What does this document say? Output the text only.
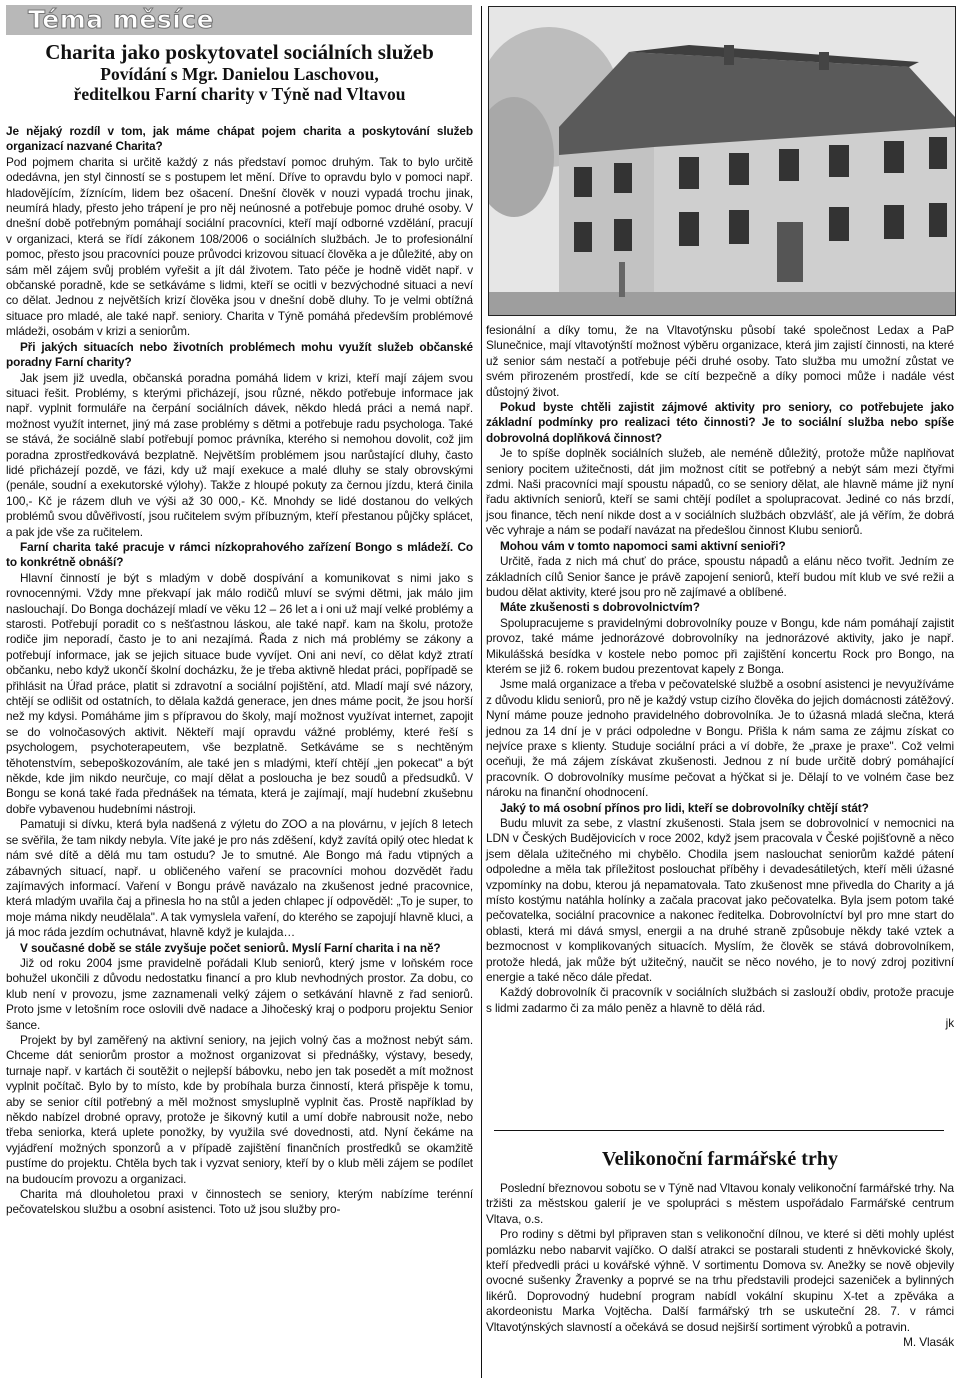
Téma měsíce
Charita jako poskytovatel sociálních služeb
Povídání s Mgr. Danielou Laschovou,
ředitelkou Farní charity v Týně nad Vltavou

Je nějaký rozdíl v tom, jak máme chápat pojem charita a poskytování služeb organizací nazvané Charita?

Pod pojmem charita si určitě každý z nás představí pomoc druhým. Tak to bylo určitě odedávna, jen styl činností se s postupem let mění. Dříve to opravdu bylo v pomoci např. hladovějícím, žíznícím, lidem bez ošacení. Dnešní člověk v nouzi vypadá trochu jinak, neumírá hlady, přesto jeho trápení je pro něj neúnosné a potřebuje pomoc druhé osoby. V dnešní době potřebným pomáhají sociální pracovníci, kteří mají odborné vzdělání, pracují v organizaci, která se řídí zákonem 108/2006 o sociálních službách. Je to profesionální pomoc, přesto jsou pracovníci pouze průvodci krizovou situací člověka a je důležité, aby on sám měl zájem svůj problém vyřešit a jít dál životem. Tato péče je hodně vidět např. v občanské poradně, kde se setkáváme s lidmi, kteří se ocitli v bezvýchodné situaci a neví co dělat. Jednou z největších krizí člověka jsou v dnešní době dluhy. To je velmi obtížná situace pro mladé, ale také např. seniory. Charita v Týně pomáhá především problémové mládeži, osobám v krizi a seniorům.

Při jakých situacích nebo životních problémech mohu využít služeb občanské poradny Farní charity?

Jak jsem již uvedla, občanská poradna pomáhá lidem v krizi, kteří mají zájem svou situaci řešit. Problémy, s kterými přicházejí, jsou různé, někdo potřebuje informace jak např. vyplnit formuláře na čerpání sociálních dávek, někdo hledá práci a nemá např. možnost využít internet, jiný má zase problémy s dětmi a potřebuje radu psychologa. Také se stává, že sociálně slabí potřebují pomoc právníka, kterého si nemohou dovolit, což jim poradna zprostředkovává bezplatně. Největším problémem jsou narůstající dluhy, často lidé přicházejí pozdě, ve fázi, kdy už mají exekuce a malé dluhy se staly obrovskými (penále, soudní a exekutorské výlohy). Takže z hloupé pokuty za černou jízdu, která činila 100,- Kč je rázem dluh ve výši až 30 000,- Kč. Mnohdy se lidé dostanou do velkých problémů svou důvěřivostí, jsou ručitelem svým příbuzným, kteří přestanou půjčky splácet, a pak jde vše za ručitelem.

Farní charita také pracuje v rámci nízkoprahového zařízení Bongo s mládeží. Co to konkrétně obnáší?

Hlavní činností je být s mladým v době dospívání a komunikovat s nimi jako s rovnocennými. Vždy mne překvapí jak málo rodičů mluví se svými dětmi, jak málo jim naslouchají. Do Bonga docházejí mladí ve věku 12 – 26 let a i oni už mají velké problémy a starosti. Potřebují poradit co s nešťastnou láskou, ale také např. kam na školu, protože rodiče jim neporadí, často je to ani nezajímá. Řada z nich má problémy se zákony a potřebují informace, jak se jejich situace bude vyvíjet. Oni ani neví, co dělat když ztratí občanku, nebo když ukončí školní docházku, že je třeba aktivně hledat práci, popřípadě se přihlásit na Úřad práce, platit si zdravotní a sociální pojištění, atd. Mladí mají své názory, chtějí se odlišit od ostatních, to dělala každá generace, jen dnes máme pocit, že jsou horší než my kdysi. Pomáháme jim s přípravou do školy, mají možnost využívat internet, zapojit se do volnočasových aktivit. Někteří mají opravdu vážné problémy, které řeší s psychologem, psychoterapeutem, vše bezplatně. Setkáváme se s nechtěným těhotenstvím, sebepoškozováním, ale také jen s mladými, kteří chtějí „jen pokecat" a být někde, kde jim nikdo neurčuje, co mají dělat a posloucha je bez soudů a předsudků. V Bongu se koná také řada přednášek na témata, která je zajímají, mají hudební zkušebnu dobře vybavenou hudebními nástroji.

Pamatuji si dívku, která byla nadšená z výletu do ZOO a na plovárnu, v jejích 8 letech se svěřila, že tam nikdy nebyla. Víte jaké je pro nás zděšení, když zavítá opilý otec hledat k nám své dítě a dělá mu tam ostudu? Je to smutné. Ale Bongo má řadu vtipných a zábavných situací, např. u obličeného vaření se pracovníci mohou dozvědět řadu zajímavých informací. Vaření v Bongu právě navázalo na zkušenost jedné pracovnice, která mladým uvařila čaj a přinesla ho na stůl a jeden chlapec jí odpověděl: „To je super, to moje máma nikdy neudělala". A tak vymyslela vaření, do kterého se zapojují hlavně kluci, a já moc ráda jezdím ochutnávat, hlavně když je kulajda…

V současné době se stále zvyšuje počet seniorů. Myslí Farní charita i na ně?

Již od roku 2004 jsme pravidelně pořádali Klub seniorů, který jsme v loňském roce bohužel ukončili z důvodu nedostatku financí a pro klub nevhodných prostor. Za dobu, co klub není v provozu, jsme zaznamenali velký zájem o setkávání hlavně z řad seniorů. Proto jsme v letošním roce oslovili dvě nadace a Jihočeský kraj o podporu projektu Senior šance.

Projekt by byl zaměřený na aktivní seniory, na jejich volný čas a možnost nebýt sám. Chceme dát seniorům prostor a možnost organizovat si přednášky, výstavy, besedy, turnaje např. v kartách či soutěžit o nejlepší bábovku, nebo jen tak posedět a mít možnost vyplnit počítač. Bylo by to místo, kde by probíhala burza činností, která přispěje k tomu, aby se senior cítil potřebný a měl možnost smysluplně vyplnit čas. Prostě například by někdo nabízel drobné opravy, protože je šikovný kutil a umí dobře nabrousit nože, nebo třeba seniorka, která uplete ponožky, by využila své dovednosti, atd. Nyní čekáme na vyjádření možných sponzorů a v případě zajištění finančních prostředků se okamžitě pustíme do projektu. Chtěla bych tak i vyzvat seniory, kteří by o klub měli zájem se podílet na budoucím provozu a organizaci.

Charita má dlouholetou praxi v činnostech se seniory, kterým nabízíme terénní pečovatelskou službu a osobní asistenci. Toto už jsou služby pro-

fesionální a díky tomu, že na Vltavotýnsku působí také společnost Ledax a PaP Slunečnice, mají vltavotýnští možnost výběru organizace, která jim zajistí činnosti, na které už senior sám nestačí a potřebuje péči druhé osoby. Tato služba mu umožní zůstat ve svém přirozeném prostředí, kde se cítí bezpečně a díky pomoci může i nadále vést důstojný život.

Pokud byste chtěli zajistit zájmové aktivity pro seniory, co potřebujete jako základní podmínky pro realizaci této činnosti? Je to sociální služba nebo spíše dobrovolná doplňková činnost?

Je to spíše doplněk sociálních služeb, ale neméně důležitý, protože může naplňovat seniory pocitem užitečnosti, dát jim možnost cítit se potřebný a nebýt sám mezi čtyřmi zdmi. Naši pracovníci mají spoustu nápadů, co se seniory dělat, ale hlavně máme již nyní řadu aktivních seniorů, kteří se sami chtějí podílet a spolupracovat. Jediné co nás brzdí, jsou finance, těch není nikde dost a v sociálních službách obzvlášť, ale já věřím, že dobrá věc vyhraje a nám se podaří navázat na předešlou činnost Klubu seniorů.

Mohou vám v tomto napomoci sami aktivní senioři?

Určitě, řada z nich má chuť do práce, spoustu nápadů a elánu něco tvořit. Jedním ze základních cílů Senior šance je právě zapojení seniorů, kteří budou mít klub ve své režii a budou dělat aktivity, které jsou pro ně zajímavé a oblíbené.

Máte zkušenosti s dobrovolnictvím?

Spolupracujeme s pravidelnými dobrovolníky pouze v Bongu, kde nám pomáhají zajistit provoz, také máme jednorázové dobrovolníky na jednorázové aktivity, jako je např. Mikulášská besídka v kostele nebo pomoc při zajištění koncertu Rock pro Bongo, na kterém se již 6. rokem budou prezentovat kapely z Bonga.

Jsme malá organizace a třeba v pečovatelské službě a osobní asistenci je nevyužíváme z důvodu klidu seniorů, pro ně je každý vstup cizího člověka do jejich domácnosti zátěžový. Nyní máme pouze jednoho pravidelného dobrovolníka. Je to úžasná mladá slečna, která jednou za 14 dní je v práci odpoledne v Bongu. Přišla k nám sama ze zájmu získat co nejvíce praxe s klienty. Studuje sociální práci a ví dobře, že „praxe je praxe". Což velmi oceňuji, že má zájem získávat zkušenosti. Jednou z ní bude určitě dobrý pomáhající pracovník. O dobrovolníky musíme pečovat a hýčkat si je. Dělají to ve volném čase bez nároku na finanční ohodnocení.

Jaký to má osobní přínos pro lidi, kteří se dobrovolníky chtějí stát?

Budu mluvit za sebe, z vlastní zkušenosti. Stala jsem se dobrovolnicí v nemocnici na LDN v Českých Budějovicích v roce 2002, když jsem pracovala v České pojišťovně a něco jsem dělala užitečného mi chybělo. Chodila jsem naslouchat seniorům každé pátení odpoledne a měla tak příležitost poslouchat příběhy i devadesátiletých, kteří měli úžasné vzpomínky na dobu, kterou já nepamatovala. Tato zkušenost mne přivedla do Charity a já místo kostýmu natáhla holínky a začala pracovat jako pečovatelka. Byla jsem potom také pečovatelka, sociální pracovnice a nakonec ředitelka. Dobrovolníctví byl pro mne start do oblasti, která mi dává smysl, energii a na druhé straně způsobuje někdy také vztek a bezmocnost v komplikovaných situacích. Myslím, že člověk se stává dobrovolníkem, protože hledá, jak může být užitečný, naučit se něco nového, je to nový zdroj pozitivní energie a také něco dále předat.

Každý dobrovolník či pracovník v sociálních službách si zaslouží obdiv, protože pracuje s lidmi zadarmo či za málo peněz a hlavně to dělá rád.

jk

Velikonoční farmářské trhy

Poslední březnovou sobotu se v Týně nad Vltavou konaly velikonoční farmářské trhy. Na tržišti za městskou galerií je ve spolupráci s městem uspořádalo Farmářské centrum Vltava, o.s.

Pro rodiny s dětmi byl připraven stan s velikonoční dílnou, ve které si děti mohly uplést pomlázku nebo nabarvit vajíčko. O další atrakci se postarali studenti z hněvkovické školy, kteří předvedli práci u kovářské výhně. V sortimentu Domova sv. Anežky se nově objevily ovocné sušenky Žravenky a poprvé se na trhu představili prodejci sazeniček a bylinných likérů. Doprovodný hudební program nabídl vokální skupinu X-tet a zpěváka a akordeonistu Marka Vojtěcha. Další farmářský trh se uskuteční 28. 7. v rámci Vltavotýnských slavností a očekává se dosud nejširší sortiment výrobků a potravin.

M. Vlasák
